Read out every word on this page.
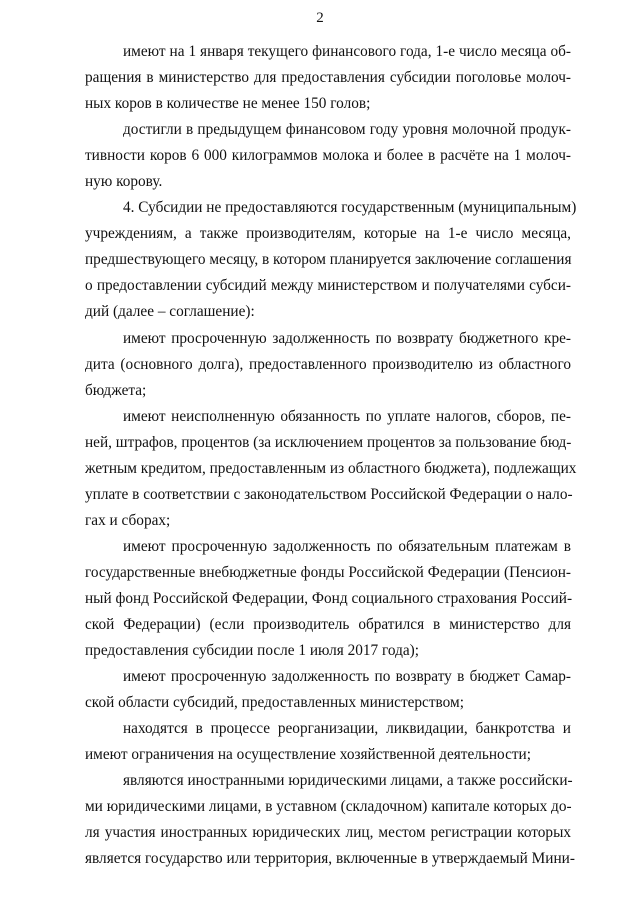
2
имеют на 1 января текущего финансового года, 1-е число месяца об-
ращения в министерство для предоставления субсидии поголовье молоч-
ных коров в количестве не менее 150 голов;
достигли в предыдущем финансовом году уровня молочной продук-
тивности коров 6 000 килограммов молока и более в расчёте на 1 молоч-
ную корову.
4. Субсидии не предоставляются государственным (муниципальным)
учреждениям, а также производителям, которые на 1-е число месяца,
предшествующего месяцу, в котором планируется заключение соглашения
о предоставлении субсидий между министерством и получателями субси-
дий (далее – соглашение):
имеют просроченную задолженность по возврату бюджетного кре-
дита (основного долга), предоставленного производителю из областного
бюджета;
имеют неисполненную обязанность по уплате налогов, сборов, пе-
ней, штрафов, процентов (за исключением процентов за пользование бюд-
жетным кредитом, предоставленным из областного бюджета), подлежащих
уплате в соответствии с законодательством Российской Федерации о нало-
гах и сборах;
имеют просроченную задолженность по обязательным платежам в
государственные внебюджетные фонды Российской Федерации (Пенсион-
ный фонд Российской Федерации, Фонд социального страхования Россий-
ской Федерации) (если производитель обратился в министерство для
предоставления субсидии после 1 июля 2017 года);
имеют просроченную задолженность по возврату в бюджет Самар-
ской области субсидий, предоставленных министерством;
находятся в процессе реорганизации, ликвидации, банкротства и
имеют ограничения на осуществление хозяйственной деятельности;
являются иностранными юридическими лицами, а также российски-
ми юридическими лицами, в уставном (складочном) капитале которых до-
ля участия иностранных юридических лиц, местом регистрации которых
является государство или территория, включенные в утверждаемый Мини-
